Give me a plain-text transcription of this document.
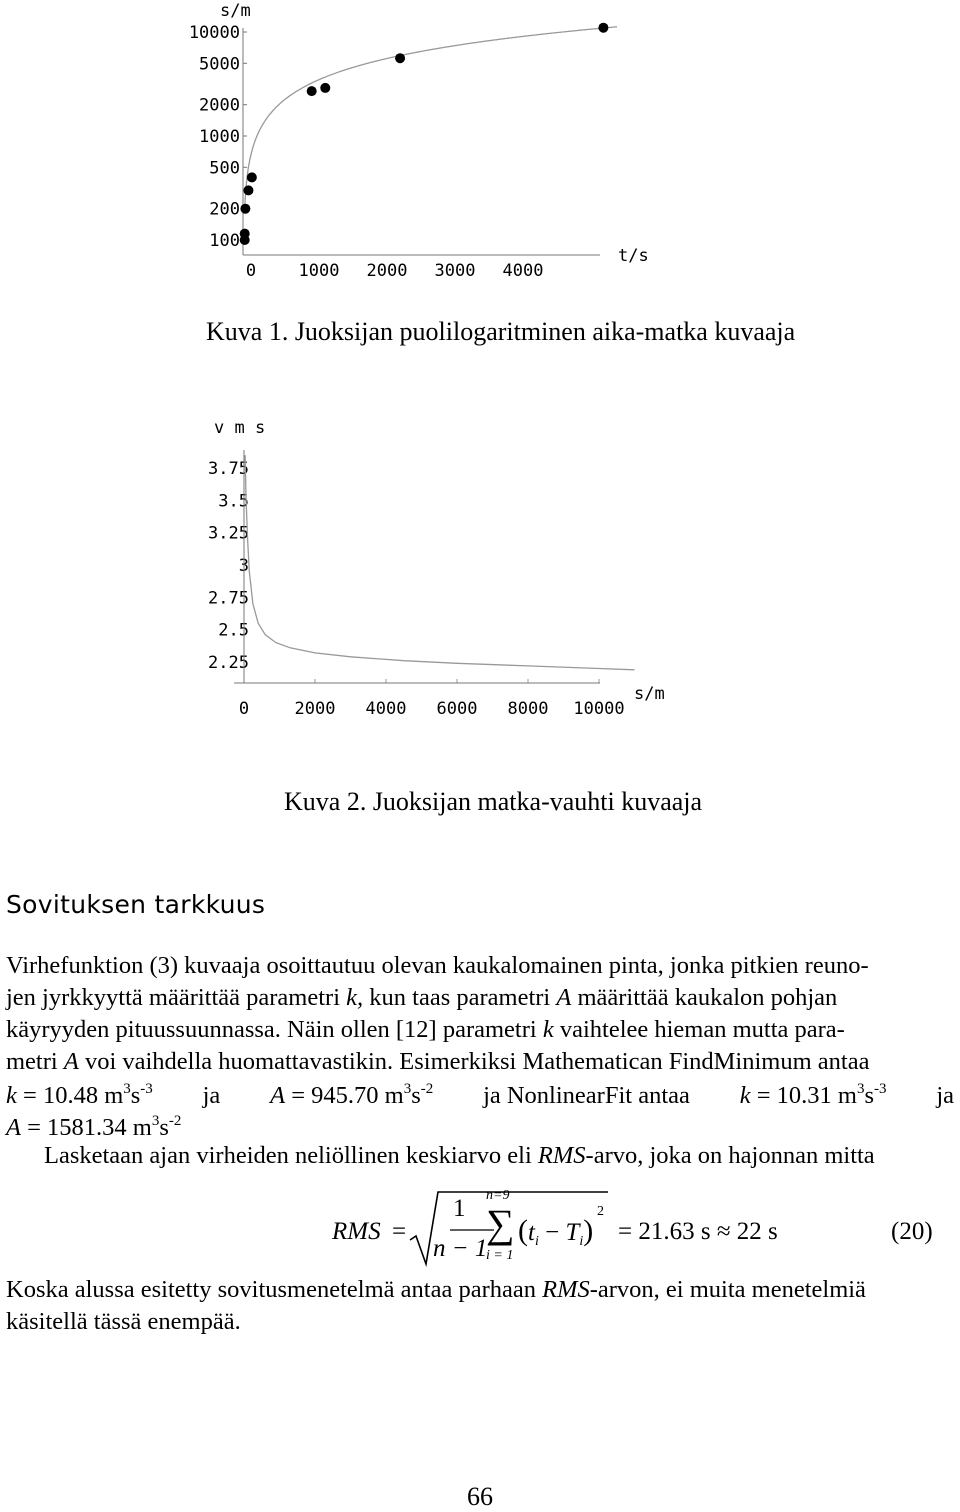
s/m
100
200
500
1000
2000
5000
10000
0 1000 2000 3000 4000
t/s
Kuva 1. Juoksijan puolilogaritminen aika-matka kuvaaja
v m s
2.25
2.5
2.75
3
3.25
3.5
3.75
0	2000 4000 6000 8000 10000
s/m
Kuva 2. Juoksijan matka-vauhti kuvaaja
Sovituksen tarkkuus
Virhefunktion (3) kuvaaja osoittautuu olevan kaukalomainen pinta, jonka pitkien reuno-
jen jyrkkyyttä määrittää parametri k, kun taas parametri A määrittää kaukalon pohjan
käyryyden pituussuunnassa. Näin ollen [12] parametri k vaihtelee hieman mutta para-
metri A voi vaihdella huomattavastikin. Esimerkiksi Mathematican FindMinimum antaa
k = 10.48 $m^3s^{-3}$ ja A = 945.70 $m^3s^{-2}$ ja NonlinearFit antaa k = 10.31 $m^3s^{-3}$ ja
A = 1581.34 $m^3s^{-2}$
Lasketaan ajan virheiden neliöllinen keskiarvo eli RMS-arvo, joka on hajonnan mitta
RMS =
1
n − 1
n=9
∑
i = 1
$(t_i - T_i)$
2
= 21.63 s ≈ 22 s	(20)
Koska alussa esitetty sovitusmenetelmä antaa parhaan RMS-arvon, ei muita menetelmiä
käsitellä tässä enempää.
66
